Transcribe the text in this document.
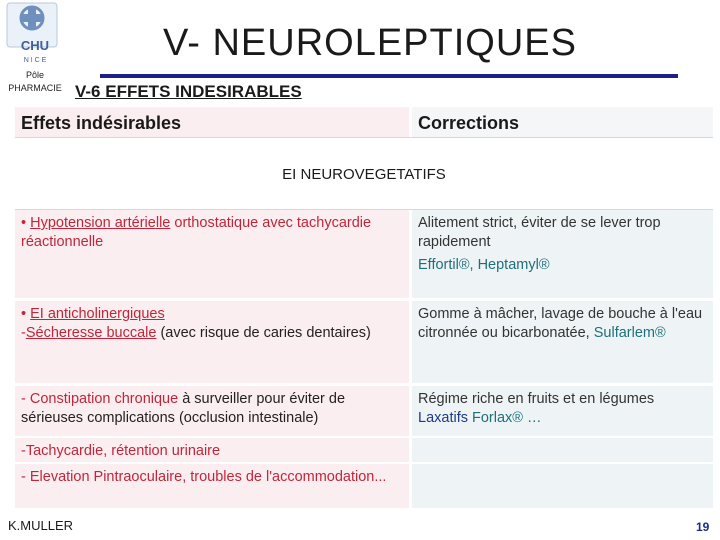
CHU
N I C E
Pôle
PHARMACIE
V- NEUROLEPTIQUES
V-6 EFFETS INDESIRABLES
Effets indésirables	Corrections
EI NEUROVEGETATIFS
• Hypotension artérielle orthostatique avec tachycardie réactionnelle
Alitement strict, éviter de se lever trop rapidement
Effortil®, Heptamyl®
• EI anticholinergiques
-Sécheresse buccale (avec risque de caries dentaires)
Gomme à mâcher, lavage de bouche à l'eau citronnée ou bicarbonatée, Sulfarlem®
- Constipation chronique à surveiller pour éviter de sérieuses complications (occlusion intestinale)
Régime riche en fruits et en légumes
Laxatifs Forlax® …
-Tachycardie, rétention urinaire
- Elevation Pintraoculaire, troubles de l'accommodation...
K.MULLER	19
